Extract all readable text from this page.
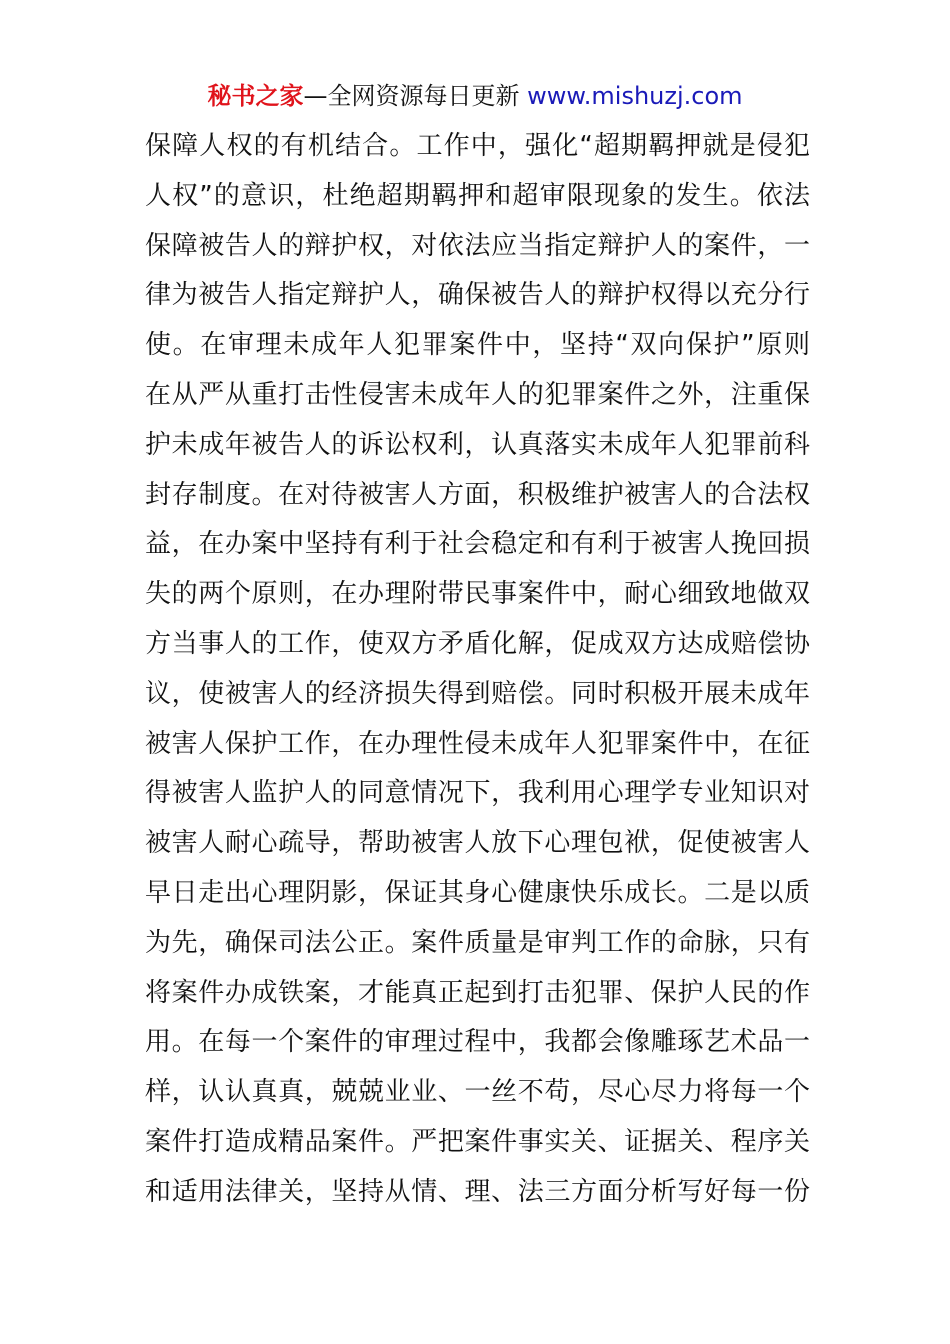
秘书之家—全网资源每日更新 www.mishuzj.com
保障人权的有机结合。工作中，强化“超期羁押就是侵犯
人权”的意识，杜绝超期羁押和超审限现象的发生。依法
保障被告人的辩护权，对依法应当指定辩护人的案件，一
律为被告人指定辩护人，确保被告人的辩护权得以充分行
使。在审理未成年人犯罪案件中，坚持“双向保护”原则
在从严从重打击性侵害未成年人的犯罪案件之外，注重保
护未成年被告人的诉讼权利，认真落实未成年人犯罪前科
封存制度。在对待被害人方面，积极维护被害人的合法权
益，在办案中坚持有利于社会稳定和有利于被害人挽回损
失的两个原则，在办理附带民事案件中，耐心细致地做双
方当事人的工作，使双方矛盾化解，促成双方达成赔偿协
议，使被害人的经济损失得到赔偿。同时积极开展未成年
被害人保护工作，在办理性侵未成年人犯罪案件中，在征
得被害人监护人的同意情况下，我利用心理学专业知识对
被害人耐心疏导，帮助被害人放下心理包袱，促使被害人
早日走出心理阴影，保证其身心健康快乐成长。二是以质
为先，确保司法公正。案件质量是审判工作的命脉，只有
将案件办成铁案，才能真正起到打击犯罪、保护人民的作
用。在每一个案件的审理过程中，我都会像雕琢艺术品一
样，认认真真，兢兢业业、一丝不苟，尽心尽力将每一个
案件打造成精品案件。严把案件事实关、证据关、程序关
和适用法律关，坚持从情、理、法三方面分析写好每一份
